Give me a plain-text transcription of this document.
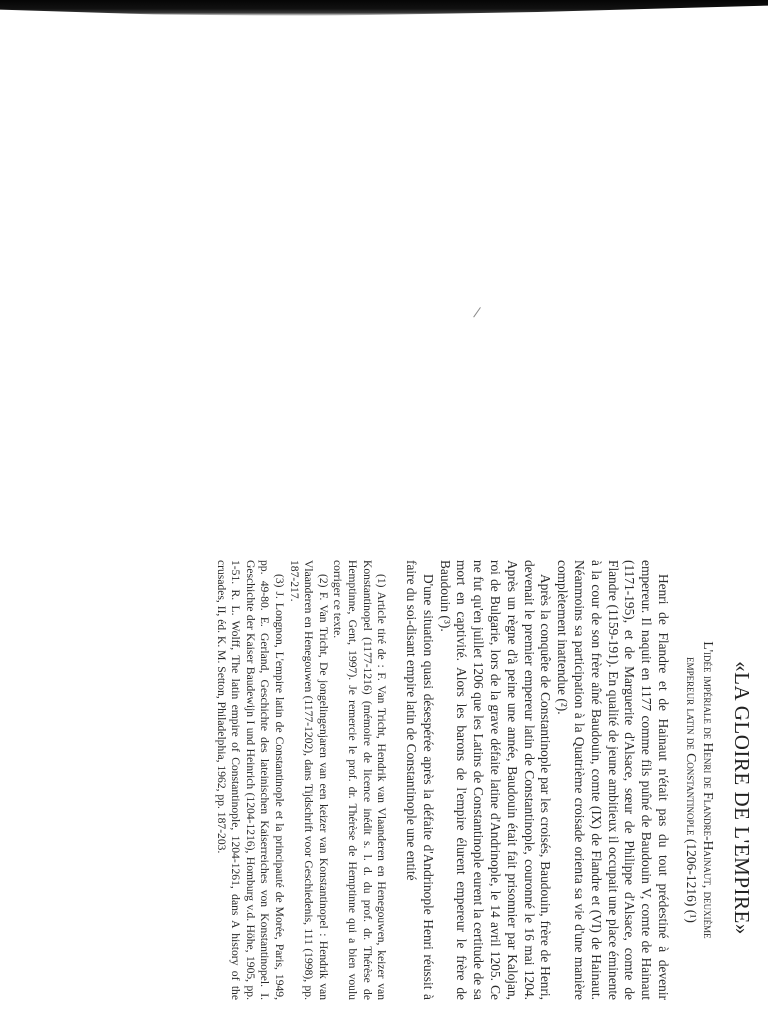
«LA GLOIRE DE L'EMPIRE»
L'idée impériale de Henri de Flandre-Hainaut, deuxième
empereur latin de Constantinople (1206-1216) (¹)

Henri de Flandre et de Hainaut n'était pas du tout prédestiné à devenir empereur. Il naquit en 1177 comme fils puîné de Baudouin V, comte de Hainaut (1171-195), et de Marguerite d'Alsace, sœur de Philippe d'Alsace, comte de Flandre (1159-191). En qualité de jeune ambitieux il occupait une place éminente à la cour de son frère aîné Baudouin, comte (IX) de Flandre et (VI) de Hainaut. Néanmoins sa participation à la Quatrième croisade orienta sa vie d'une manière complètement inattendue (²).

Après la conquête de Constantinople par les croisés, Baudouin, frère de Henri, devenait le premier empereur latin de Constantinople, couronné le 16 mai 1204. Après un règne d'à peine une année, Baudouin était fait prisonnier par Kalojan, roi de Bulgarie, lors de la grave défaite latine d'Andrinople, le 14 avril 1205. Ce ne fut qu'en juillet 1206 que les Latins de Constantinople eurent la certitude de sa mort en captivité. Alors les barons de l'empire élurent empereur le frère de Baudouin (³).

D'une situation quasi désespérée après la défaite d'Andrinople Henri réussit à faire du soi-disant empire latin de Constantinople une entité

(1) Article tiré de : F. Van Tricht, Hendrik van Vlaanderen en Henegouwen, keizer van Konstantinopel (1177-1216) (mémoire de licence inédit s. l. d. du prof. dr. Thérèse de Hemptinne, Gent, 1997). Je remercie le prof. dr. Thérèse de Hemptinne qui a bien voulu corriger ce texte.

(2) F. Van Tricht, De jongelingenjaren van een keizer van Konstantinopel : Hendrik van Vlaanderen en Henegouwen (1177-1202), dans Tijdschrift voor Geschiedenis, 111 (1998), pp. 187-217.

(3) J. Longnon, L'empire latin de Constantinople et la principauté de Morée, Paris, 1949, pp. 49-80. E. Gerland, Geschichte des lateinischen Kaiserreiches von Konstantinopel. I. Geschichte der Kaiser Baudewijn I und Heinrich (1204-1216), Homburg v.d. Höhe, 1905, pp. 1-51. R. L. Wolff, The latin empire of Constantinople, 1204-1261, dans A history of the crusades, II, éd. K. M. Setton, Philadelphia, 1962, pp. 187-203.
